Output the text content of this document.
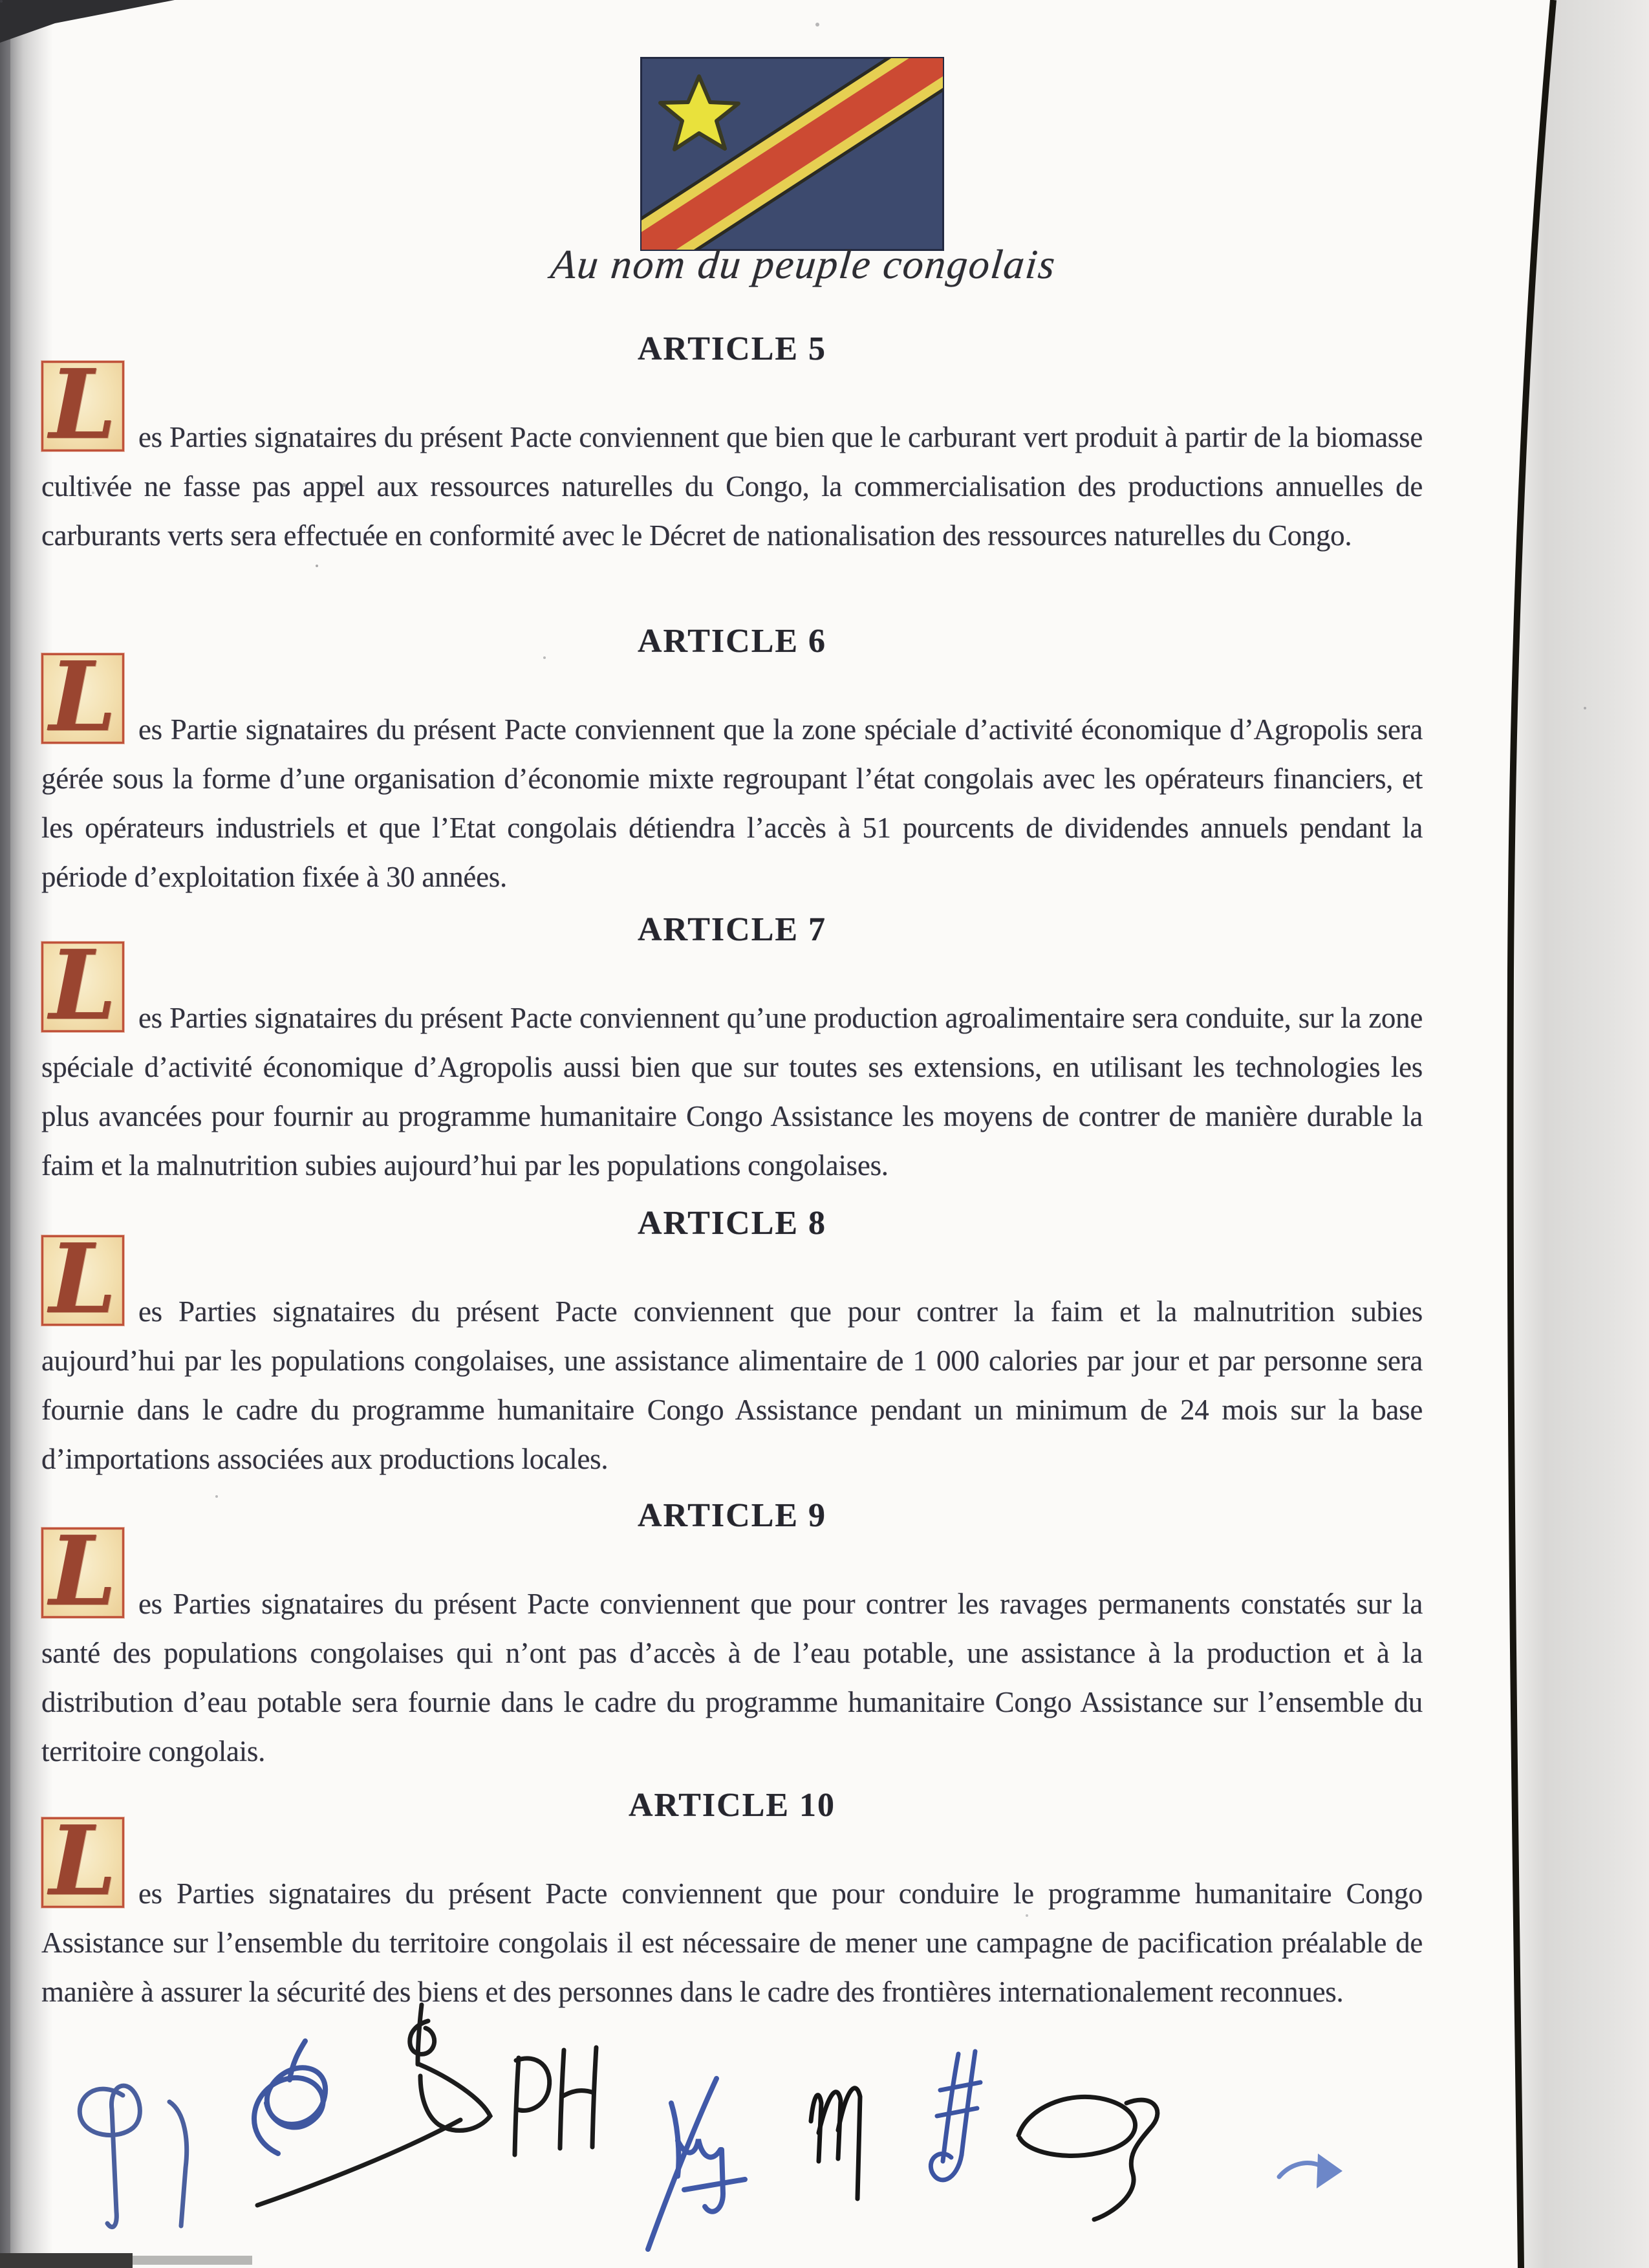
Au nom du peuple congolais
ARTICLE 5
L es Parties signataires du présent Pacte conviennent que bien que le carburant vert produit à partir de la biomasse cultivée ne fasse pas appel aux ressources naturelles du Congo, la commercialisation des productions annuelles de carburants verts sera effectuée en conformité avec le Décret de nationalisation des ressources naturelles du Congo.

ARTICLE 6
L es Partie signataires du présent Pacte conviennent que la zone spéciale d’activité économique d’Agropolis sera gérée sous la forme d’une organisation d’économie mixte regroupant l’état congolais avec les opérateurs financiers, et les opérateurs industriels et que l’Etat congolais détiendra l’accès à 51 pourcents de dividendes annuels pendant la période d’exploitation fixée à 30 années.

ARTICLE 7
L es Parties signataires du présent Pacte conviennent qu’une production agroalimentaire sera conduite, sur la zone spéciale d’activité économique d’Agropolis aussi bien que sur toutes ses extensions, en utilisant les technologies les plus avancées pour fournir au programme humanitaire Congo Assistance les moyens de contrer de manière durable la faim et la malnutrition subies aujourd’hui par les populations congolaises.

ARTICLE 8
L es Parties signataires du présent Pacte conviennent que pour contrer la faim et la malnutrition subies aujourd’hui par les populations congolaises, une assistance alimentaire de 1 000 calories par jour et par personne sera fournie dans le cadre du programme humanitaire Congo Assistance pendant un minimum de 24 mois sur la base d’importations associées aux productions locales.

ARTICLE 9
L es Parties signataires du présent Pacte conviennent que pour contrer les ravages permanents constatés sur la santé des populations congolaises qui n’ont pas d’accès à de l’eau potable, une assistance à la production et à la distribution d’eau potable sera fournie dans le cadre du programme humanitaire Congo Assistance sur l’ensemble du territoire congolais.

ARTICLE 10
L es Parties signataires du présent Pacte conviennent que pour conduire le programme humanitaire Congo Assistance sur l’ensemble du territoire congolais il est nécessaire de mener une campagne de pacification préalable de manière à assurer la sécurité des biens et des personnes dans le cadre des frontières internationalement reconnues.
